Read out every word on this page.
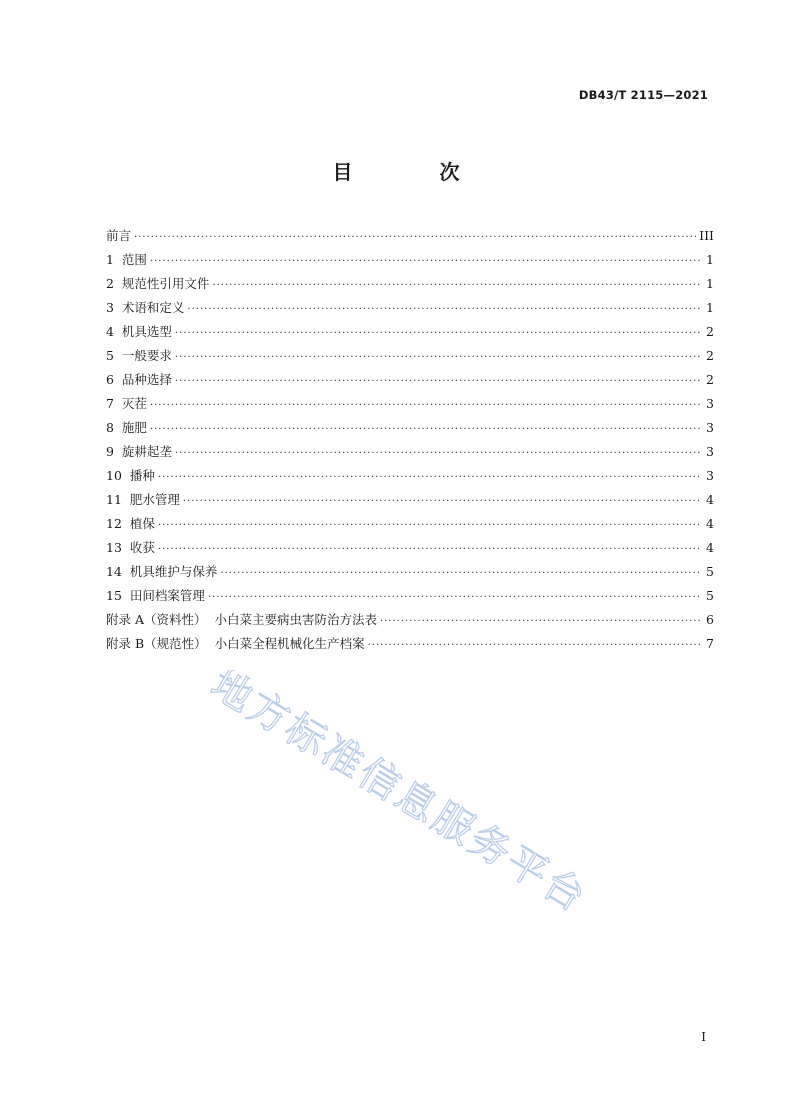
DB43/T 2115—2021
目 次
前言 ·····	III
1 范围 ·····	1
2 规范性引用文件 ·····	1
3 术语和定义 ·····	1
4 机具选型 ·····	2
5 一般要求 ·····	2
6 品种选择 ·····	2
7 灭茬 ·····	3
8 施肥 ·····	3
9 旋耕起垄 ·····	3
10 播种 ·····	3
11 肥水管理 ·····	4
12 植保 ·····	4
13 收获 ·····	4
14 机具维护与保养 ·····	5
15 田间档案管理 ·····	5
附录 A（资料性）  小白菜主要病虫害防治方法表 ·····	6
附录 B（规范性）  小白菜全程机械化生产档案 ·····	7
地方标准信息服务平台
I
